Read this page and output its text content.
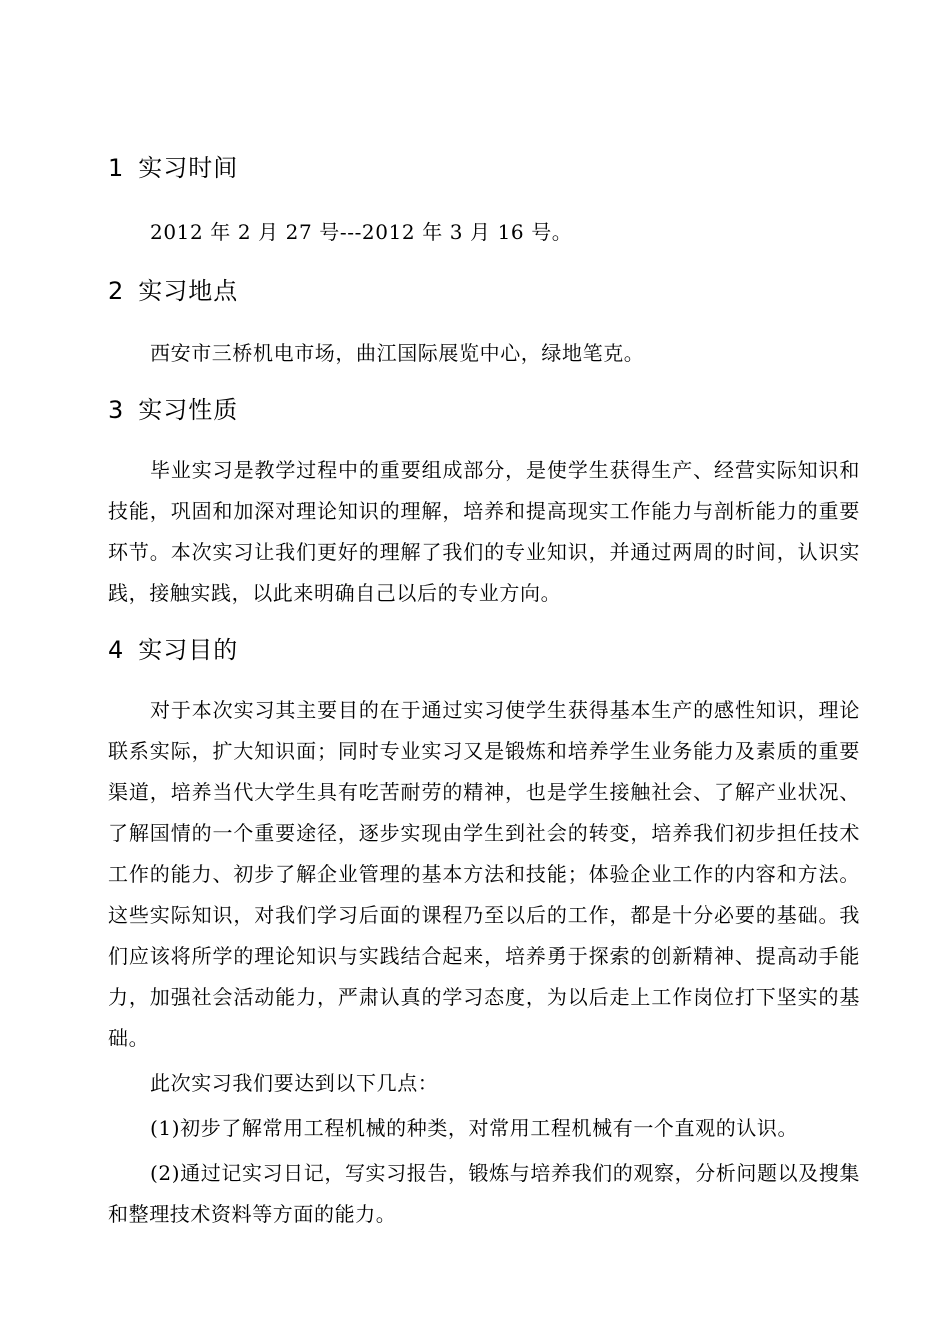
1 实习时间

2012 年 2 月 27 号---2012 年 3 月 16 号。

2 实习地点

西安市三桥机电市场，曲江国际展览中心，绿地笔克。

3 实习性质

毕业实习是教学过程中的重要组成部分，是使学生获得生产、经营实际知识和技能，巩固和加深对理论知识的理解，培养和提高现实工作能力与剖析能力的重要环节。本次实习让我们更好的理解了我们的专业知识，并通过两周的时间，认识实践，接触实践，以此来明确自己以后的专业方向。

4 实习目的

对于本次实习其主要目的在于通过实习使学生获得基本生产的感性知识，理论联系实际，扩大知识面；同时专业实习又是锻炼和培养学生业务能力及素质的重要渠道，培养当代大学生具有吃苦耐劳的精神，也是学生接触社会、了解产业状况、了解国情的一个重要途径，逐步实现由学生到社会的转变，培养我们初步担任技术工作的能力、初步了解企业管理的基本方法和技能；体验企业工作的内容和方法。这些实际知识，对我们学习后面的课程乃至以后的工作，都是十分必要的基础。我们应该将所学的理论知识与实践结合起来，培养勇于探索的创新精神、提高动手能力，加强社会活动能力，严肃认真的学习态度，为以后走上工作岗位打下坚实的基础。

此次实习我们要达到以下几点：

(1)初步了解常用工程机械的种类，对常用工程机械有一个直观的认识。

(2)通过记实习日记，写实习报告，锻炼与培养我们的观察，分析问题以及搜集和整理技术资料等方面的能力。
